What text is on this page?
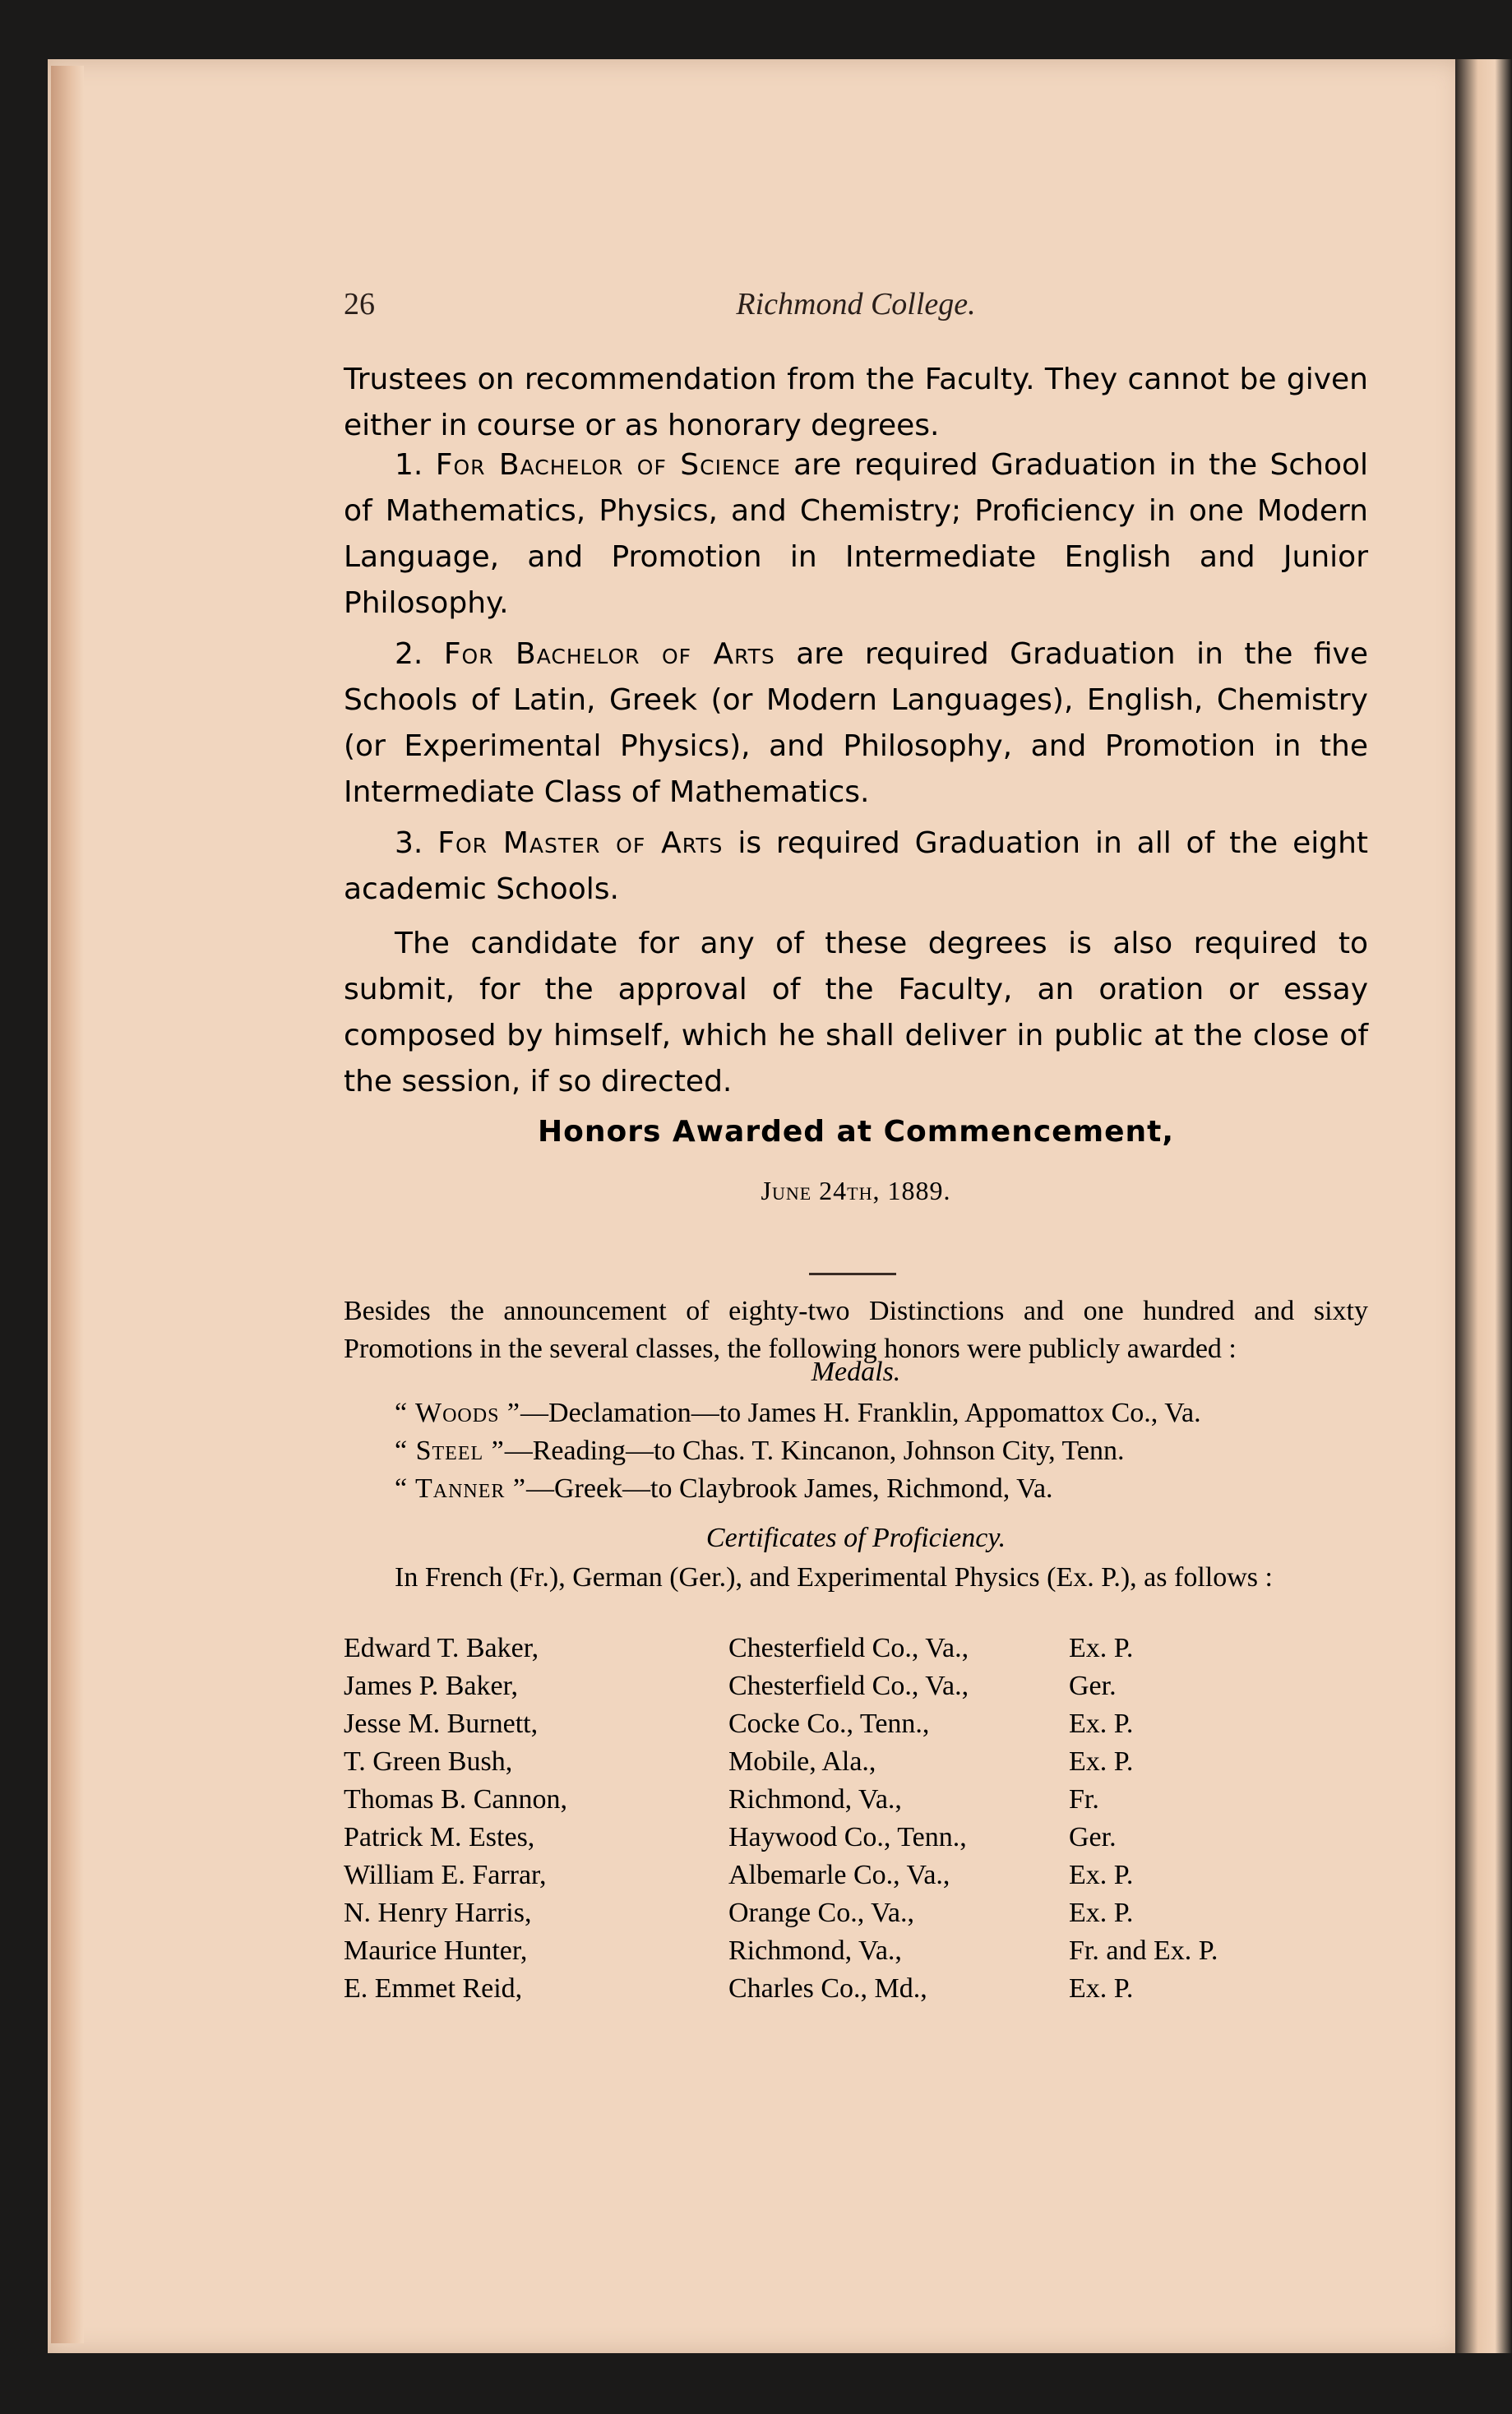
26	Richmond College.
Trustees on recommendation from the Faculty. They cannot be given either in course or as honorary degrees.
1. For Bachelor of Science are required Graduation in the School of Mathematics, Physics, and Chemistry; Proficiency in one Modern Language, and Promotion in Intermediate English and Junior Philosophy.
2. For Bachelor of Arts are required Graduation in the five Schools of Latin, Greek (or Modern Languages), English, Chemistry (or Experimental Physics), and Philosophy, and Promotion in the Intermediate Class of Mathematics.
3. For Master of Arts is required Graduation in all of the eight academic Schools.
The candidate for any of these degrees is also required to submit, for the approval of the Faculty, an oration or essay composed by himself, which he shall deliver in public at the close of the session, if so directed.
Honors Awarded at Commencement,
June 24th, 1889.
Besides the announcement of eighty-two Distinctions and one hundred and sixty Promotions in the several classes, the following honors were publicly awarded :
Medals.
“ Woods ”—Declamation—to James H. Franklin, Appomattox Co., Va.
“ Steel ”—Reading—to Chas. T. Kincanon, Johnson City, Tenn.
“ Tanner ”—Greek—to Claybrook James, Richmond, Va.
Certificates of Proficiency.
In French (Fr.), German (Ger.), and Experimental Physics (Ex. P.), as follows :
Edward T. Baker,	Chesterfield Co., Va.,	Ex. P.
James P. Baker,	Chesterfield Co., Va.,	Ger.
Jesse M. Burnett,	Cocke Co., Tenn.,	Ex. P.
T. Green Bush,	Mobile, Ala.,	Ex. P.
Thomas B. Cannon,	Richmond, Va.,	Fr.
Patrick M. Estes,	Haywood Co., Tenn.,	Ger.
William E. Farrar,	Albemarle Co., Va.,	Ex. P.
N. Henry Harris,	Orange Co., Va.,	Ex. P.
Maurice Hunter,	Richmond, Va.,	Fr. and Ex. P.
E. Emmet Reid,	Charles Co., Md.,	Ex. P.
